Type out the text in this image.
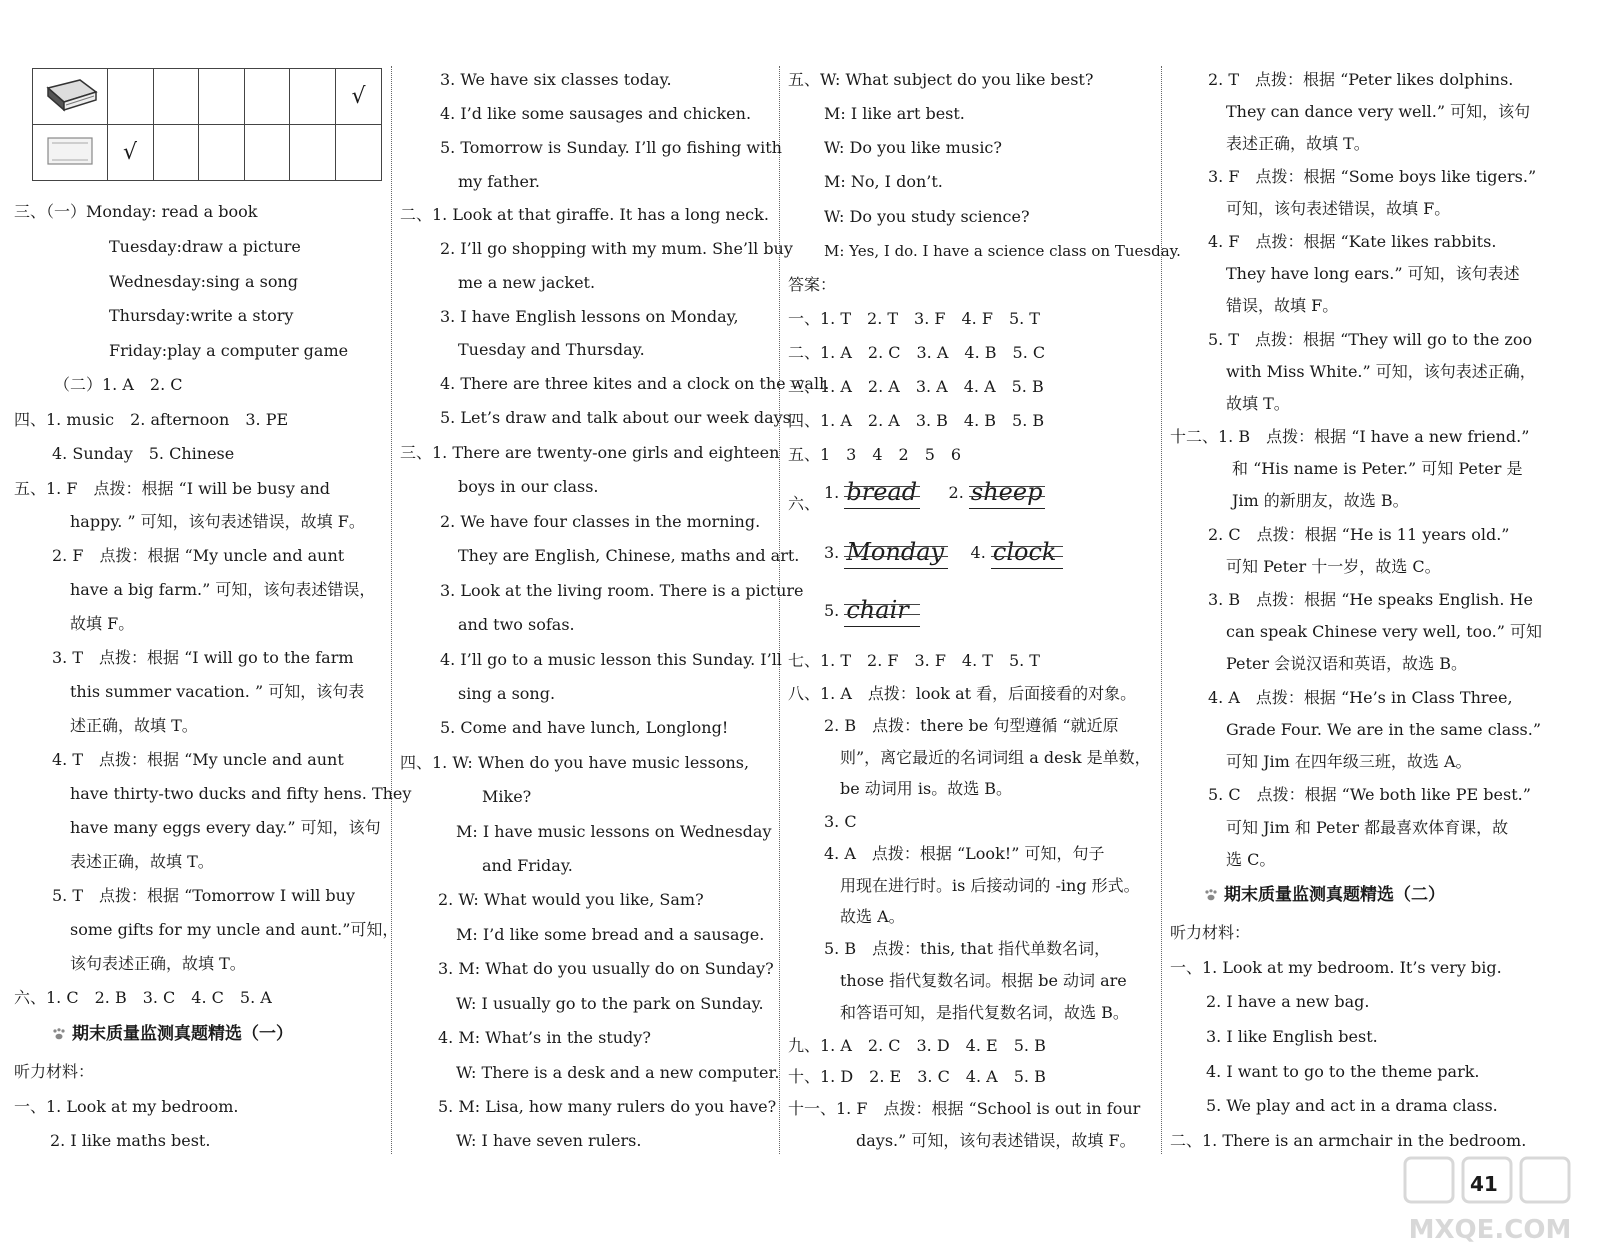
						√
	√					
三、（一）Monday: read a book
Tuesday:draw a picture
Wednesday:sing a song
Thursday:write a story
Friday:play a computer game
（二）1. A　2. C
四、1. music　2. afternoon　3. PE
4. Sunday　5. Chinese
五、1. F　点拨：根据 “I will be busy and
happy. ” 可知，该句表述错误，故填 F。
2. F　点拨：根据 “My uncle and aunt
have a big farm.” 可知，该句表述错误，
故填 F。
3. T　点拨：根据 “I will go to the farm
this summer vacation. ” 可知，该句表
述正确，故填 T。
4. T　点拨：根据 “My uncle and aunt
have thirty-two ducks and fifty hens. They
have many eggs every day.” 可知，该句
表述正确，故填 T。
5. T　点拨：根据 “Tomorrow I will buy
some gifts for my uncle and aunt.”可知，
该句表述正确，故填 T。
六、1. C　2. B　3. C　4. C　5. A
期末质量监测真题精选（一）
听力材料：
一、1. Look at my bedroom.
2. I like maths best.
3. We have six classes today.
4. I’d like some sausages and chicken.
5. Tomorrow is Sunday. I’ll go fishing with
my father.
二、1. Look at that giraffe. It has a long neck.
2. I’ll go shopping with my mum. She’ll buy
me a new jacket.
3. I have English lessons on Monday,
Tuesday and Thursday.
4. There are three kites and a clock on the wall.
5. Let’s draw and talk about our week days.
三、1. There are twenty-one girls and eighteen
boys in our class.
2. We have four classes in the morning.
They are English, Chinese, maths and art.
3. Look at the living room. There is a picture
and two sofas.
4. I’ll go to a music lesson this Sunday. I’ll
sing a song.
5. Come and have lunch, Longlong!
四、1. W: When do you have music lessons,
Mike?
M: I have music lessons on Wednesday
and Friday.
2. W: What would you like, Sam?
M: I’d like some bread and a sausage.
3. M: What do you usually do on Sunday?
W: I usually go to the park on Sunday.
4. M: What’s in the study?
W: There is a desk and a new computer.
5. M: Lisa, how many rulers do you have?
W: I have seven rulers.
五、W: What subject do you like best?
M: I like art best.
W: Do you like music?
M: No, I don’t.
W: Do you study science?
M: Yes, I do. I have a science class on Tuesday.
答案：
一、1. T　2. T　3. F　4. F　5. T
二、1. A　2. C　3. A　4. B　5. C
三、1. A　2. A　3. A　4. A　5. B
四、1. A　2. A　3. B　4. B　5. B
五、1　3　4　2　5　6
六、
1. bread 2. sheep
3. Monday 4. clock
5. chair
七、1. T　2. F　3. F　4. T　5. T
八、1. A　点拨：look at 看，后面接看的对象。
2. B　点拨：there be 句型遵循 “就近原
则”，离它最近的名词词组 a desk 是单数，
be 动词用 is。故选 B。
3. C
4. A　点拨：根据 “Look!” 可知，句子
用现在进行时。is 后接动词的 -ing 形式。
故选 A。
5. B　点拨：this, that 指代单数名词，
those 指代复数名词。根据 be 动词 are
和答语可知，是指代复数名词，故选 B。
九、1. A　2. C　3. D　4. E　5. B
十、1. D　2. E　3. C　4. A　5. B
十一、1. F　点拨：根据 “School is out in four
days.” 可知，该句表述错误，故填 F。
2. T　点拨：根据 “Peter likes dolphins.
They can dance very well.” 可知，该句
表述正确，故填 T。
3. F　点拨：根据 “Some boys like tigers.”
可知，该句表述错误，故填 F。
4. F　点拨：根据 “Kate likes rabbits.
They have long ears.” 可知，该句表述
错误，故填 F。
5. T　点拨：根据 “They will go to the zoo
with Miss White.” 可知，该句表述正确，
故填 T。
十二、1. B　点拨：根据 “I have a new friend.”
和 “His name is Peter.” 可知 Peter 是
Jim 的新朋友，故选 B。
2. C　点拨：根据 “He is 11 years old.”
可知 Peter 十一岁，故选 C。
3. B　点拨：根据 “He speaks English. He
can speak Chinese very well, too.” 可知
Peter 会说汉语和英语，故选 B。
4. A　点拨：根据 “He’s in Class Three,
Grade Four. We are in the same class.”
可知 Jim 在四年级三班，故选 A。
5. C　点拨：根据 “We both like PE best.”
可知 Jim 和 Peter 都最喜欢体育课，故
选 C。
期末质量监测真题精选（二）
听力材料：
一、1. Look at my bedroom. It’s very big.
2. I have a new bag.
3. I like English best.
4. I want to go to the theme park.
5. We play and act in a drama class.
二、1. There is an armchair in the bedroom.
MXQE.COM
41
